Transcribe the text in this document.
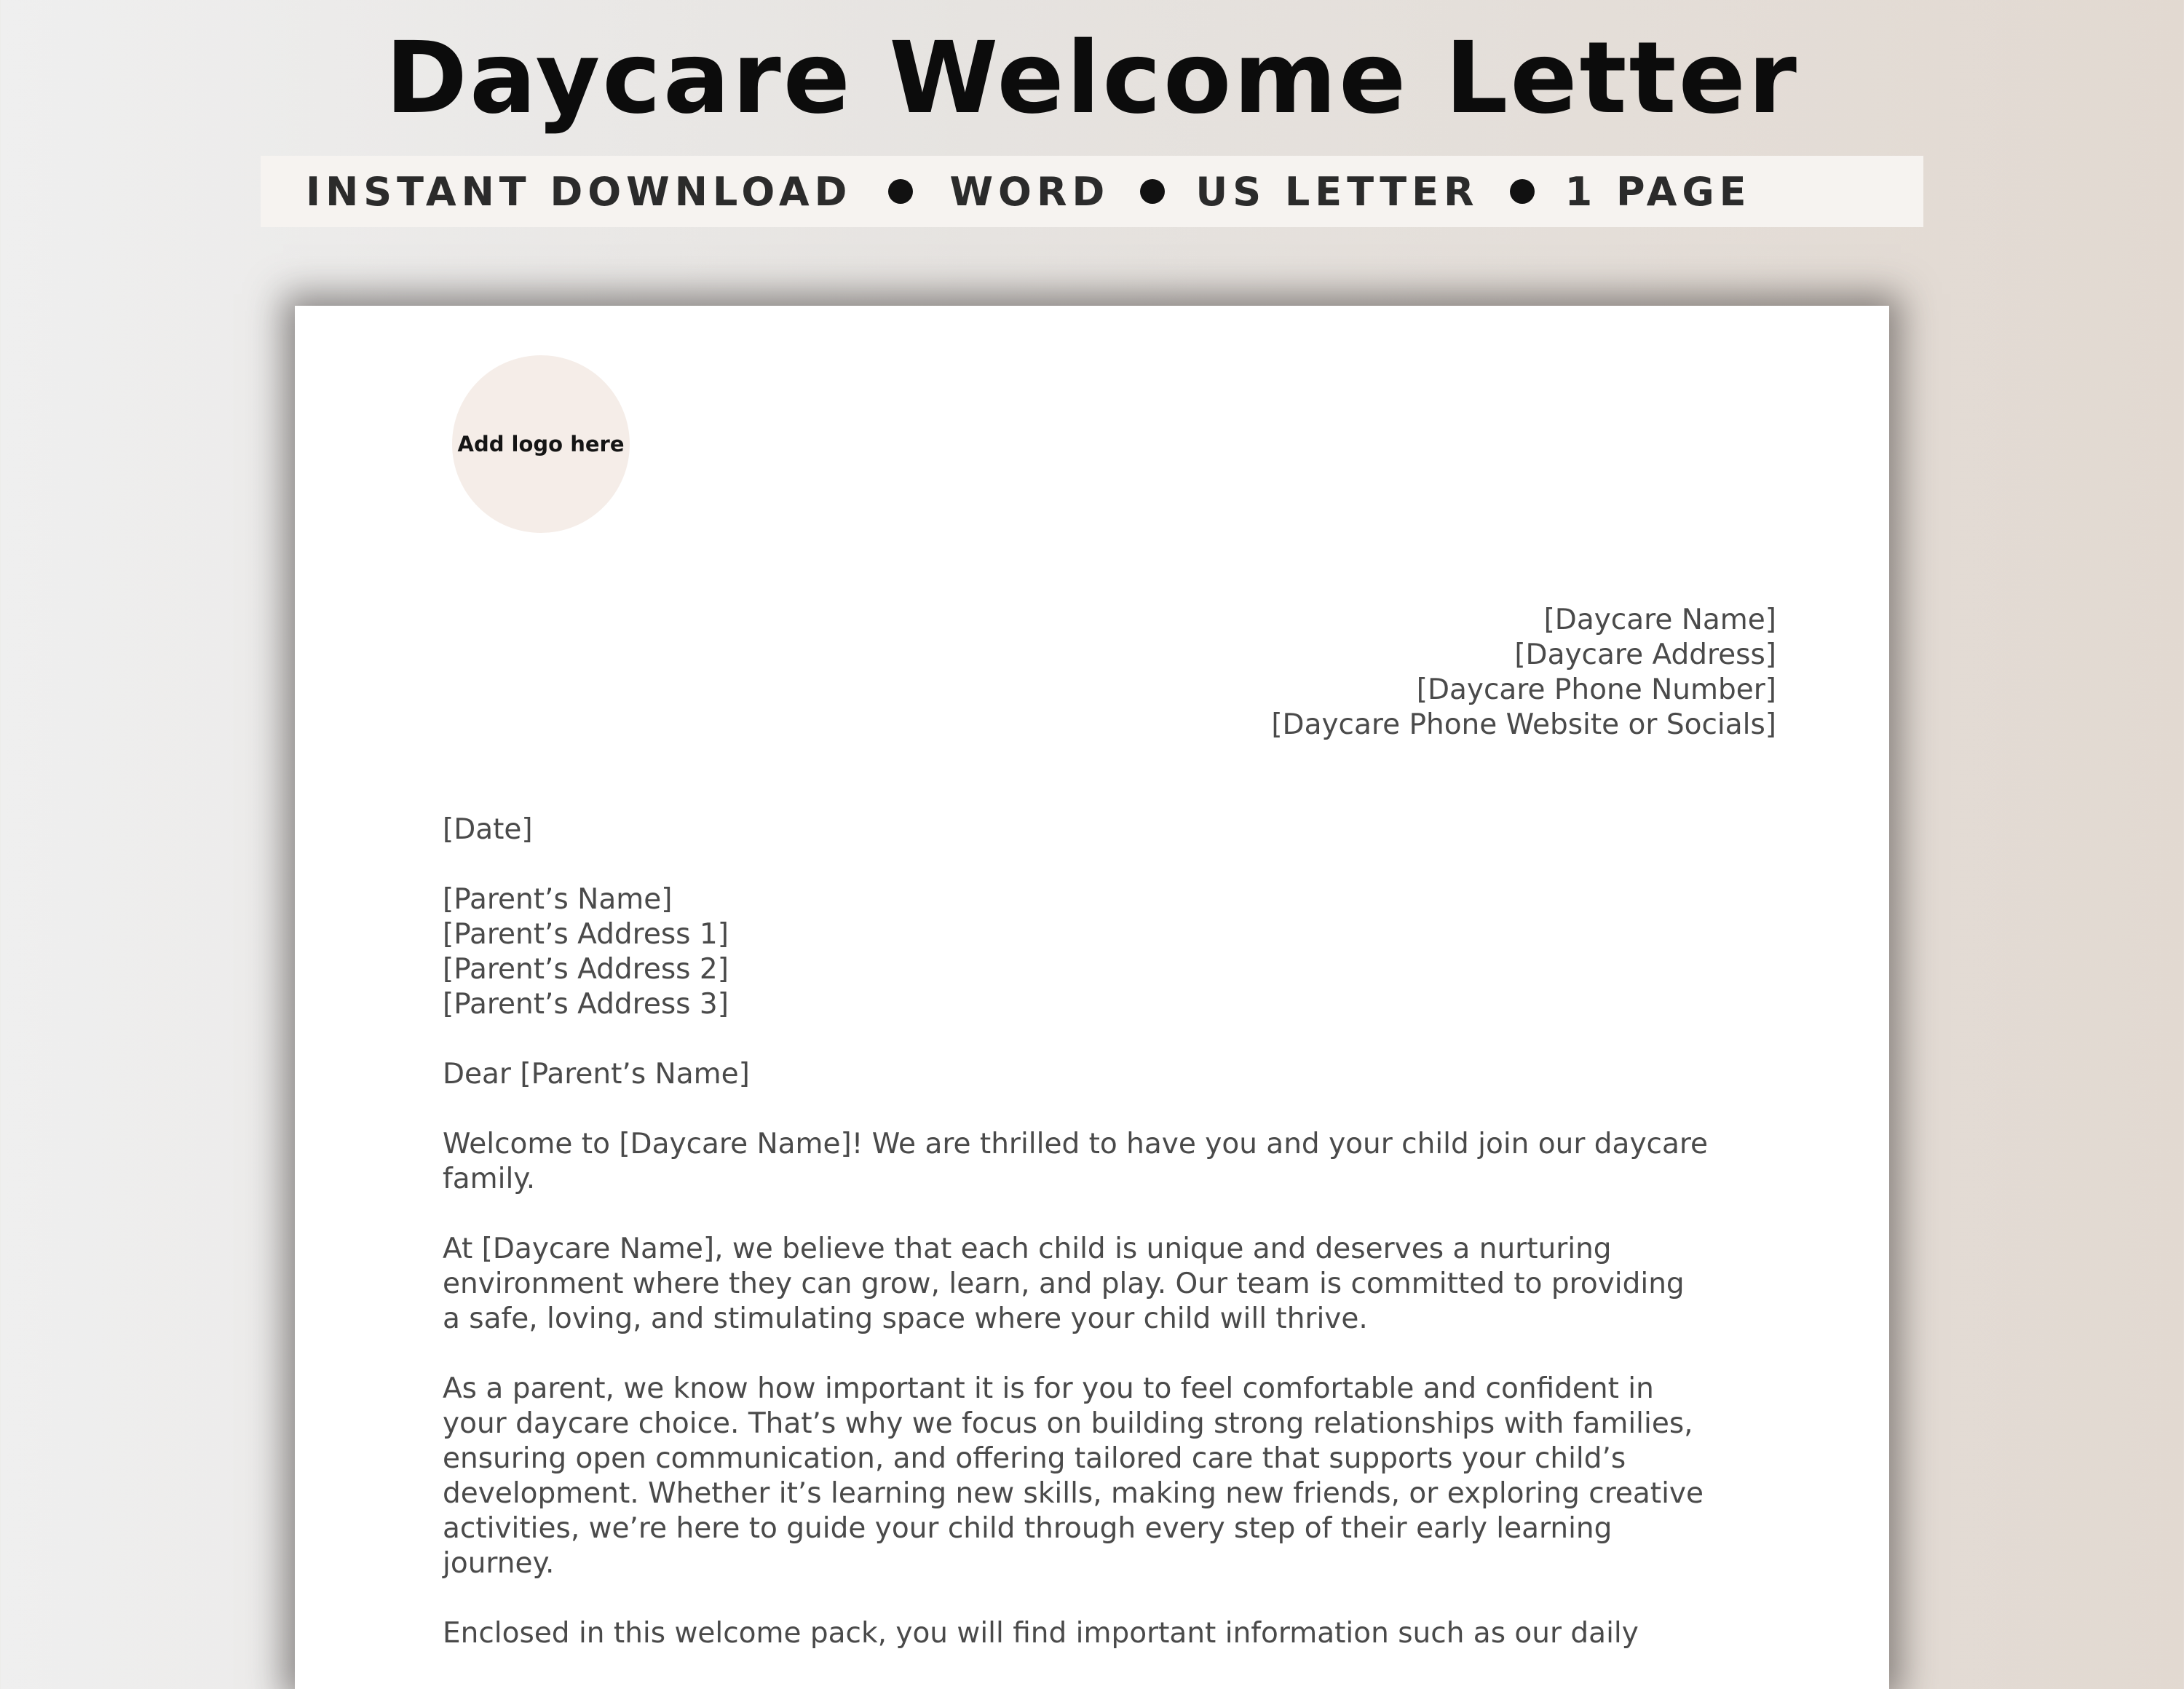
Daycare Welcome Letter
INSTANT DOWNLOAD WORD US LETTER 1 PAGE
Add logo here
[Daycare Name]
[Daycare Address]
[Daycare Phone Number]
[Daycare Phone Website or Socials]
[Date]
[Parent’s Name]
[Parent’s Address 1]
[Parent’s Address 2]
[Parent’s Address 3]
Dear [Parent’s Name]
Welcome to [Daycare Name]! We are thrilled to have you and your child join our daycare
family.
At [Daycare Name], we believe that each child is unique and deserves a nurturing
environment where they can grow, learn, and play. Our team is committed to providing
a safe, loving, and stimulating space where your child will thrive.
As a parent, we know how important it is for you to feel comfortable and confident in
your daycare choice. That’s why we focus on building strong relationships with families,
ensuring open communication, and offering tailored care that supports your child’s
development. Whether it’s learning new skills, making new friends, or exploring creative
activities, we’re here to guide your child through every step of their early learning
journey.
Enclosed in this welcome pack, you will find important information such as our daily
